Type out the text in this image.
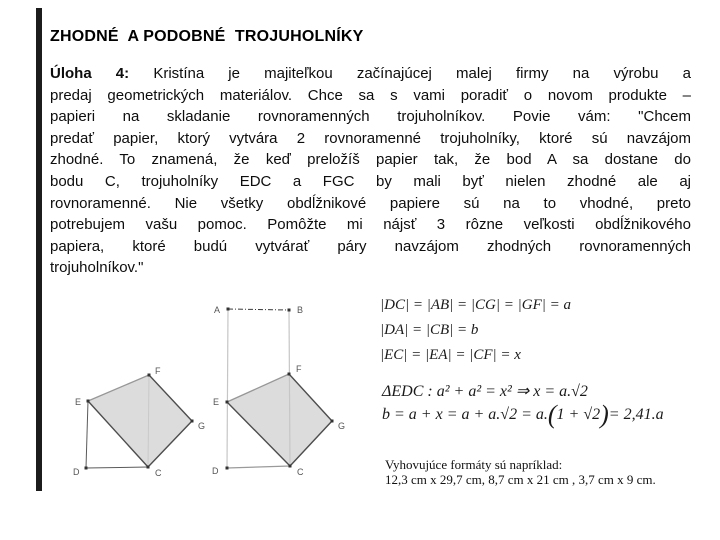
ZHODNÉ  A PODOBNÉ  TROJUHOLNÍKY
Úloha 4: Kristína je majiteľkou začínajúcej malej firmy na výrobu a
predaj geometrických materiálov. Chce sa s vami poradiť o novom produkte –
papieri na skladanie rovnoramenných trojuholníkov. Povie vám: "Chcem
predať papier, ktorý vytvára 2 rovnoramenné trojuholníky, ktoré sú navzájom
zhodné. To znamená, že keď preložíš papier tak, že bod A sa dostane do
bodu C, trojuholníky EDC a FGC by mali byť nielen zhodné ale aj
rovnoramenné. Nie všetky obdĺžnikové papiere sú na to vhodné, preto
potrebujem vašu pomoc. Pomôžte mi nájsť 3 rôzne veľkosti obdĺžnikového
papiera, ktoré budú vytvárať páry navzájom zhodných rovnoramenných
trojuholníkov."
E
F
G
C
D
A	B
E
F
G
C
D
|DC| = |AB| = |CG| = |GF| = a
|DA| = |CB| = b
|EC| = |EA| = |CF| = x
ΔEDC : a² + a² = x² ⇒ x = a.√2
b = a + x = a + a.√2 = a.(1 + √2)= 2,41.a
Vyhovujúce formáty sú napríklad:
12,3 cm x 29,7 cm, 8,7 cm x 21 cm , 3,7 cm x 9 cm.
